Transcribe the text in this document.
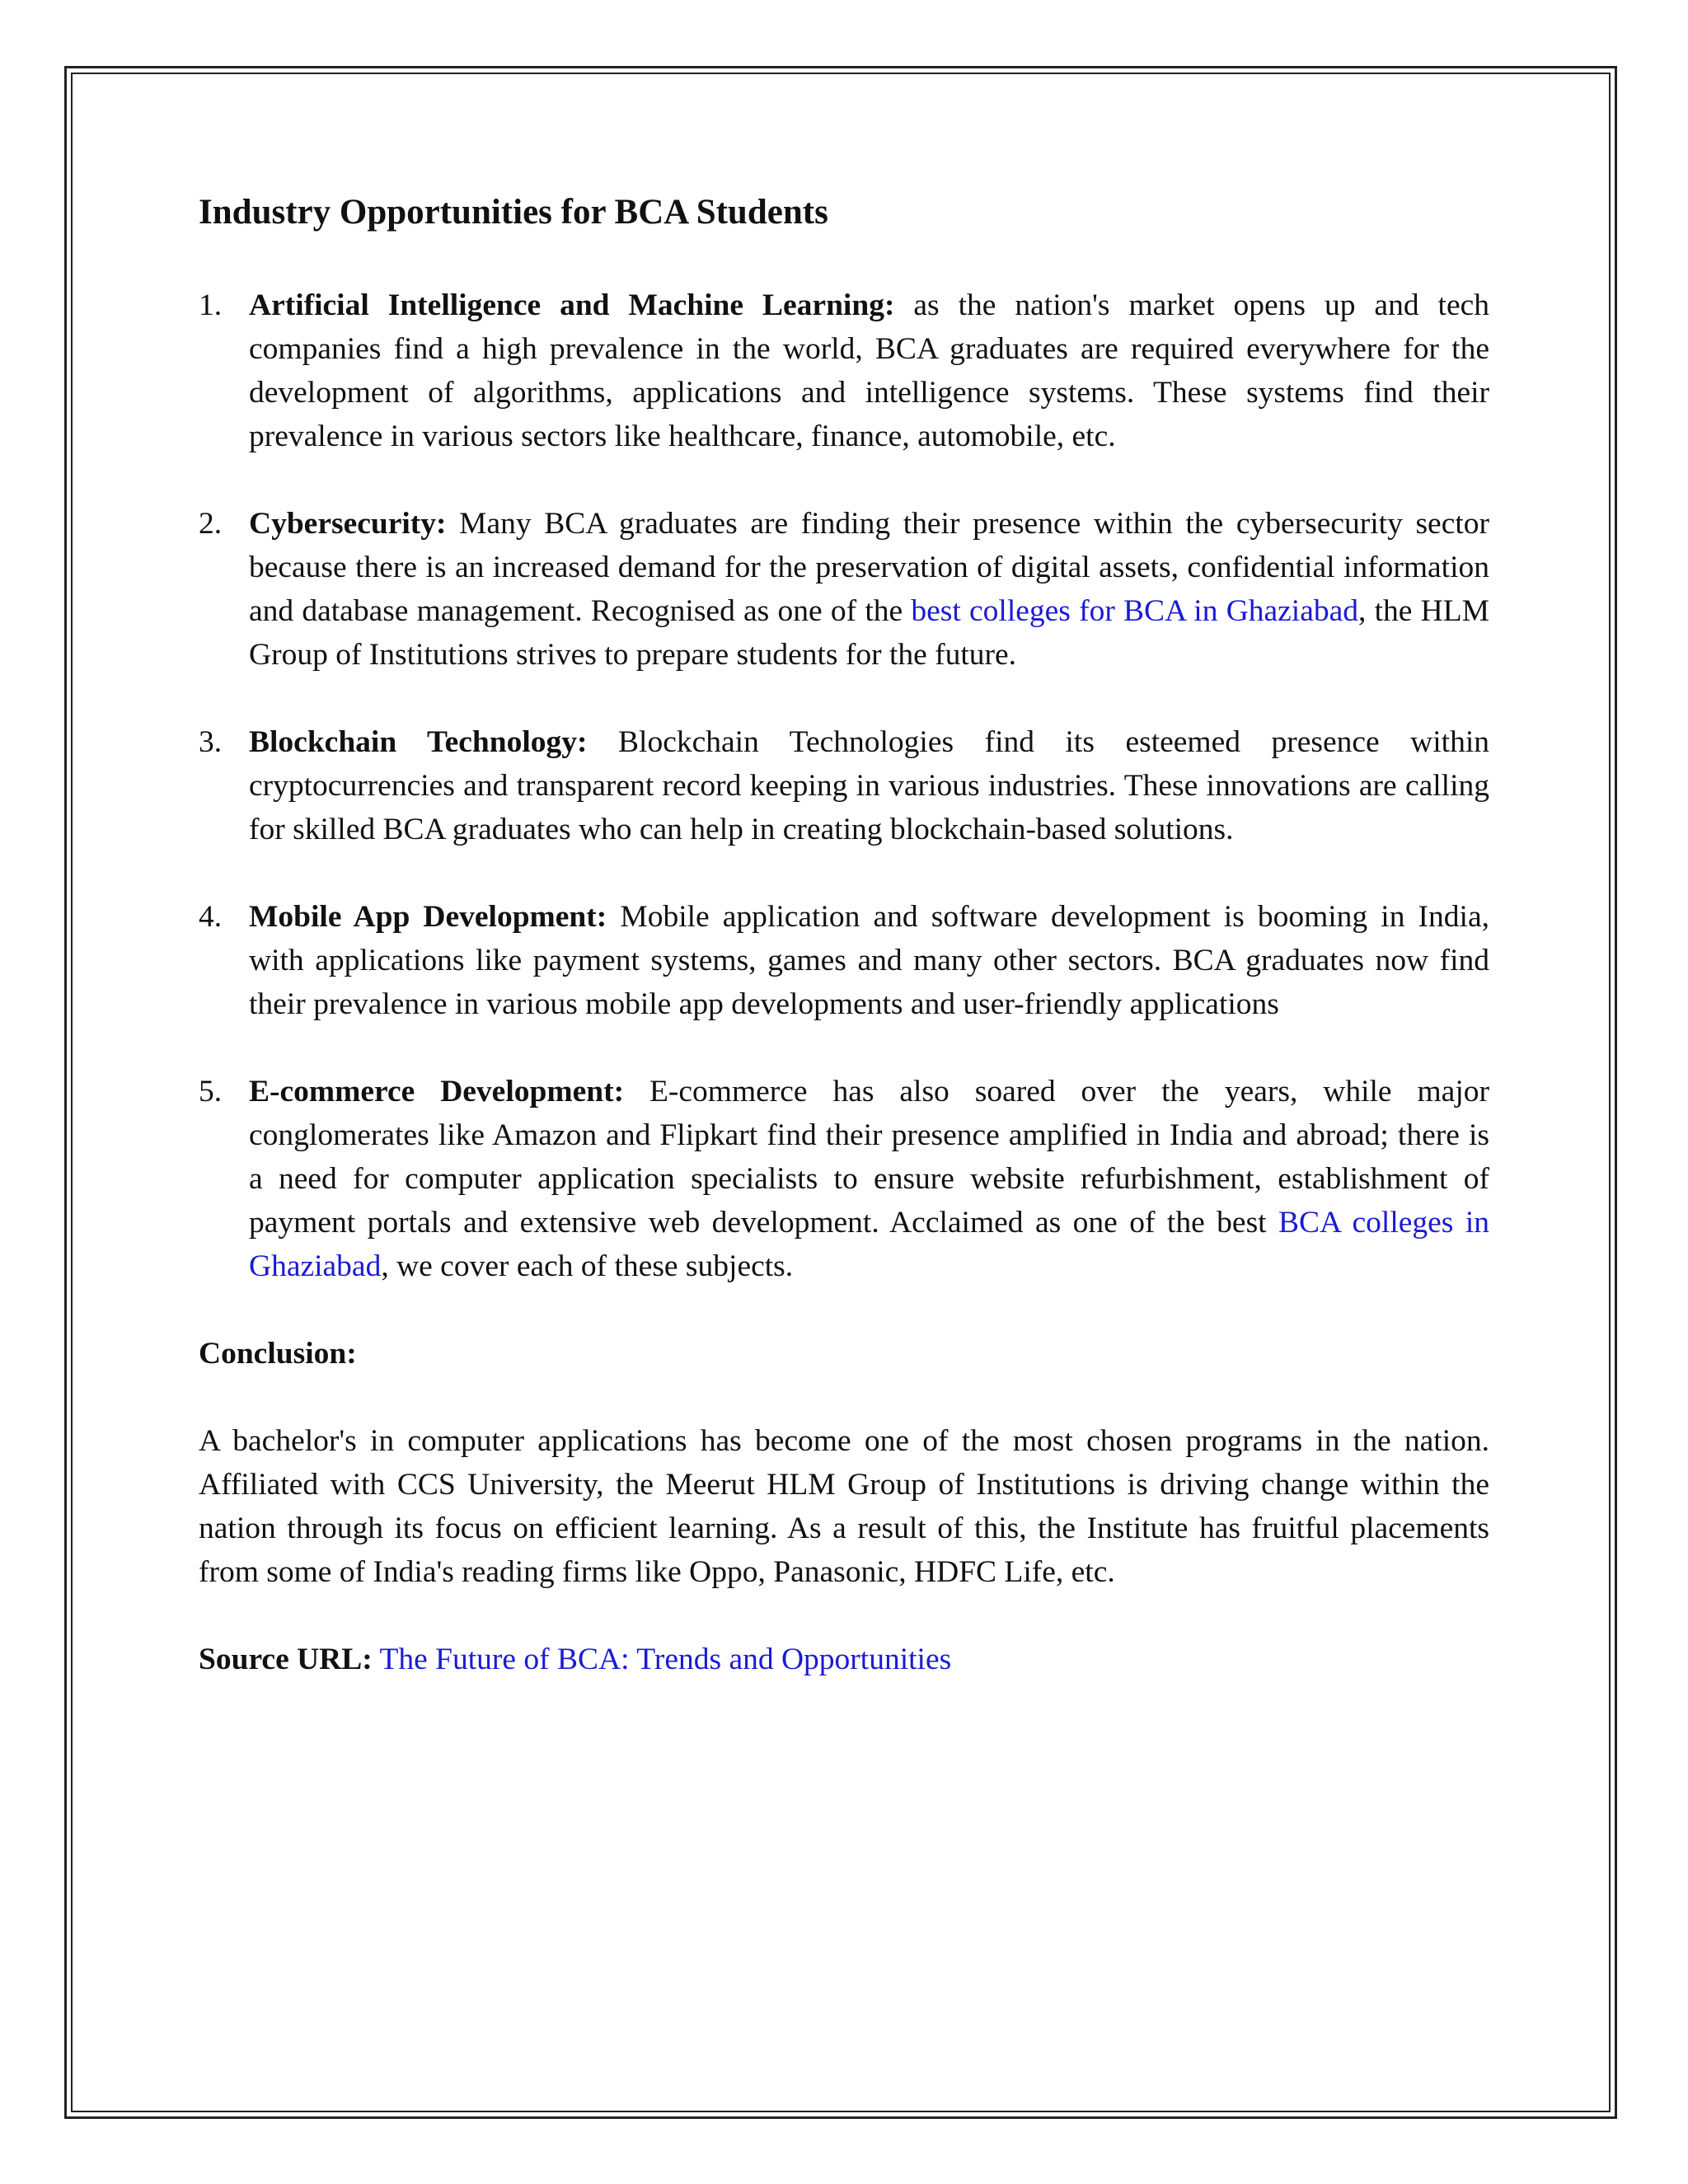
Industry Opportunities for BCA Students
1. Artificial Intelligence and Machine Learning: as the nation's market opens up and tech companies find a high prevalence in the world, BCA graduates are required everywhere for the development of algorithms, applications and intelligence systems. These systems find their prevalence in various sectors like healthcare, finance, automobile, etc.
2. Cybersecurity: Many BCA graduates are finding their presence within the cybersecurity sector because there is an increased demand for the preservation of digital assets, confidential information and database management. Recognised as one of the best colleges for BCA in Ghaziabad, the HLM Group of Institutions strives to prepare students for the future.
3. Blockchain Technology: Blockchain Technologies find its esteemed presence within cryptocurrencies and transparent record keeping in various industries. These innovations are calling for skilled BCA graduates who can help in creating blockchain-based solutions.
4. Mobile App Development: Mobile application and software development is booming in India, with applications like payment systems, games and many other sectors. BCA graduates now find their prevalence in various mobile app developments and user-friendly applications
5. E-commerce Development: E-commerce has also soared over the years, while major conglomerates like Amazon and Flipkart find their presence amplified in India and abroad; there is a need for computer application specialists to ensure website refurbishment, establishment of payment portals and extensive web development. Acclaimed as one of the best BCA colleges in Ghaziabad, we cover each of these subjects.

Conclusion:

A bachelor's in computer applications has become one of the most chosen programs in the nation. Affiliated with CCS University, the Meerut HLM Group of Institutions is driving change within the nation through its focus on efficient learning. As a result of this, the Institute has fruitful placements from some of India's reading firms like Oppo, Panasonic, HDFC Life, etc.

Source URL: The Future of BCA: Trends and Opportunities
